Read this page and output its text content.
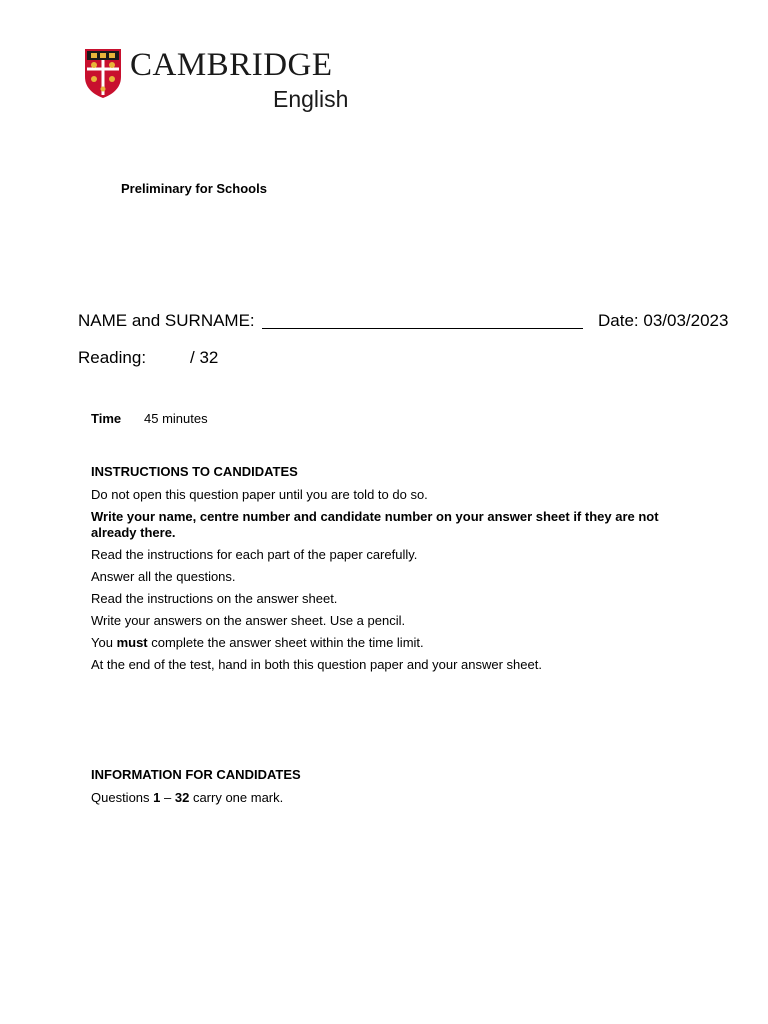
CAMBRIDGE
English
Preliminary for Schools
NAME and SURNAME:	Date: 03/03/2023
Reading:	/ 32
Time 45 minutes
INSTRUCTIONS TO CANDIDATES
Do not open this question paper until you are told to do so.
Write your name, centre number and candidate number on your answer sheet if they are not already there.
Read the instructions for each part of the paper carefully.
Answer all the questions.
Read the instructions on the answer sheet.
Write your answers on the answer sheet. Use a pencil.
You must complete the answer sheet within the time limit.
At the end of the test, hand in both this question paper and your answer sheet.
INFORMATION FOR CANDIDATES
Questions 1 – 32 carry one mark.
